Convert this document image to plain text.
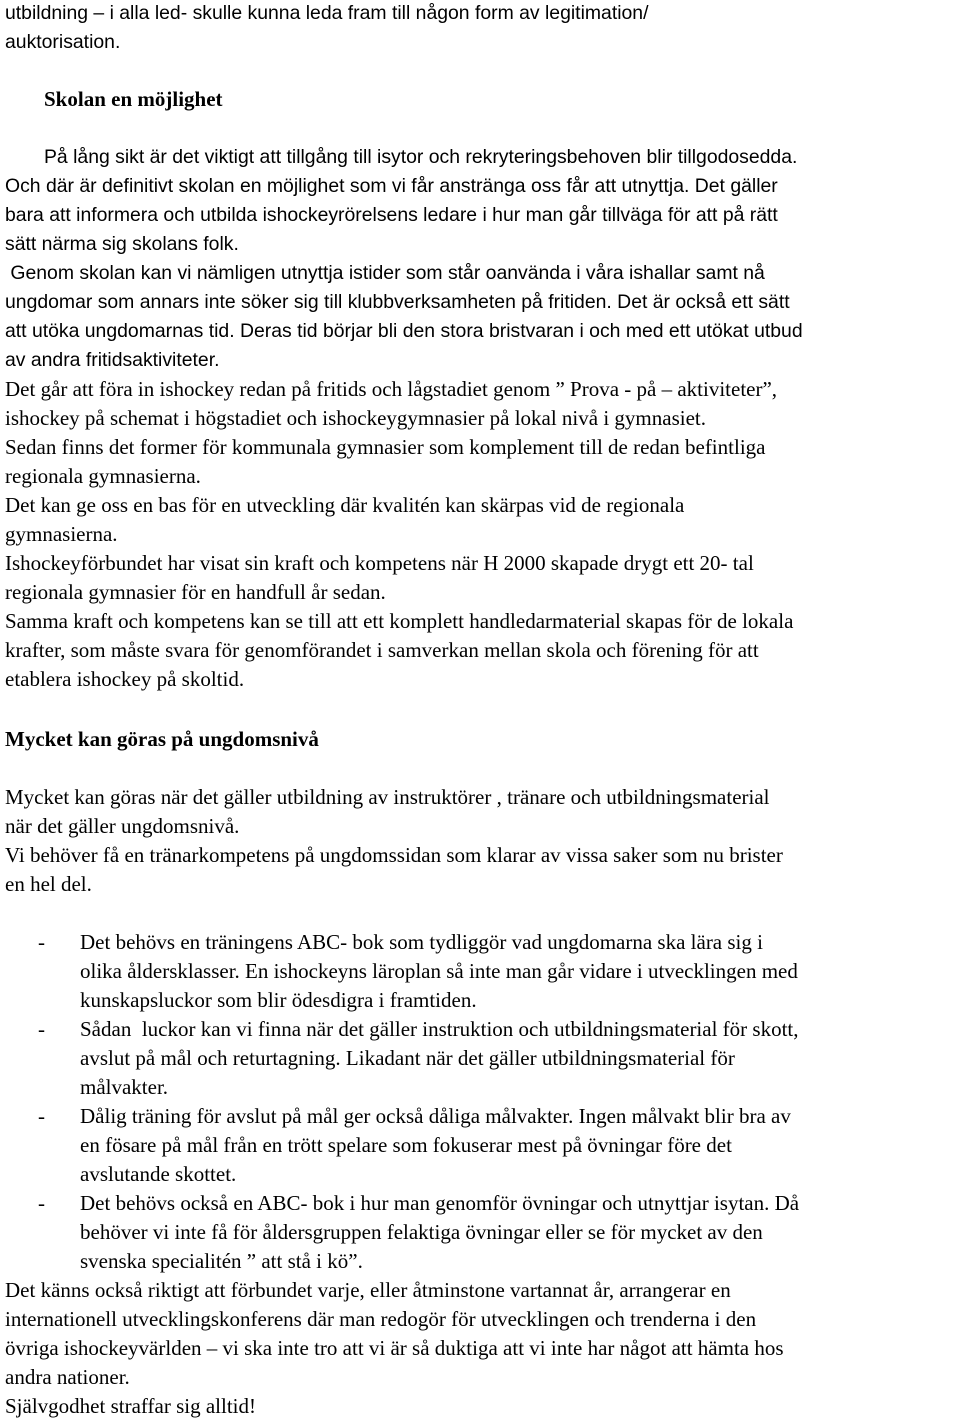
utbildning – i alla led- skulle kunna leda fram till någon form av legitimation/
auktorisation.
Skolan en möjlighet
På lång sikt är det viktigt att tillgång till isytor och rekryteringsbehoven blir tillgodosedda.
Och där är definitivt skolan en möjlighet som vi får anstränga oss får att utnyttja. Det gäller
bara att informera och utbilda ishockeyrörelsens ledare i hur man går tillväga för att på rätt
sätt närma sig skolans folk.
Genom skolan kan vi nämligen utnyttja istider som står oanvända i våra ishallar samt nå
ungdomar som annars inte söker sig till klubbverksamheten på fritiden. Det är också ett sätt
att utöka ungdomarnas tid. Deras tid börjar bli den stora bristvaran i och med ett utökat utbud
av andra fritidsaktiviteter.
Det går att föra in ishockey redan på fritids och lågstadiet genom ” Prova - på – aktiviteter”,
ishockey på schemat i högstadiet och ishockeygymnasier på lokal nivå i gymnasiet.
Sedan finns det former för kommunala gymnasier som komplement till de redan befintliga
regionala gymnasierna.
Det kan ge oss en bas för en utveckling där kvalitén kan skärpas vid de regionala
gymnasierna.
Ishockeyförbundet har visat sin kraft och kompetens när H 2000 skapade drygt ett 20- tal
regionala gymnasier för en handfull år sedan.
Samma kraft och kompetens kan se till att ett komplett handledarmaterial skapas för de lokala
krafter, som måste svara för genomförandet i samverkan mellan skola och förening för att
etablera ishockey på skoltid.
Mycket kan göras på ungdomsnivå
Mycket kan göras när det gäller utbildning av instruktörer , tränare och utbildningsmaterial
när det gäller ungdomsnivå.
Vi behöver få en tränarkompetens på ungdomssidan som klarar av vissa saker som nu brister
en hel del.
- Det behövs en träningens ABC- bok som tydliggör vad ungdomarna ska lära sig i
olika åldersklasser. En ishockeyns läroplan så inte man går vidare i utvecklingen med
kunskapsluckor som blir ödesdigra i framtiden.
- Sådan  luckor kan vi finna när det gäller instruktion och utbildningsmaterial för skott,
avslut på mål och returtagning. Likadant när det gäller utbildningsmaterial för
målvakter.
- Dålig träning för avslut på mål ger också dåliga målvakter. Ingen målvakt blir bra av
en fösare på mål från en trött spelare som fokuserar mest på övningar före det
avslutande skottet.
- Det behövs också en ABC- bok i hur man genomför övningar och utnyttjar isytan. Då
behöver vi inte få för åldersgruppen felaktiga övningar eller se för mycket av den
svenska specialitén ” att stå i kö”.
Det känns också riktigt att förbundet varje, eller åtminstone vartannat år, arrangerar en
internationell utvecklingskonferens där man redogör för utvecklingen och trenderna i den
övriga ishockeyvärlden – vi ska inte tro att vi är så duktiga att vi inte har något att hämta hos
andra nationer.
Självgodhet straffar sig alltid!
